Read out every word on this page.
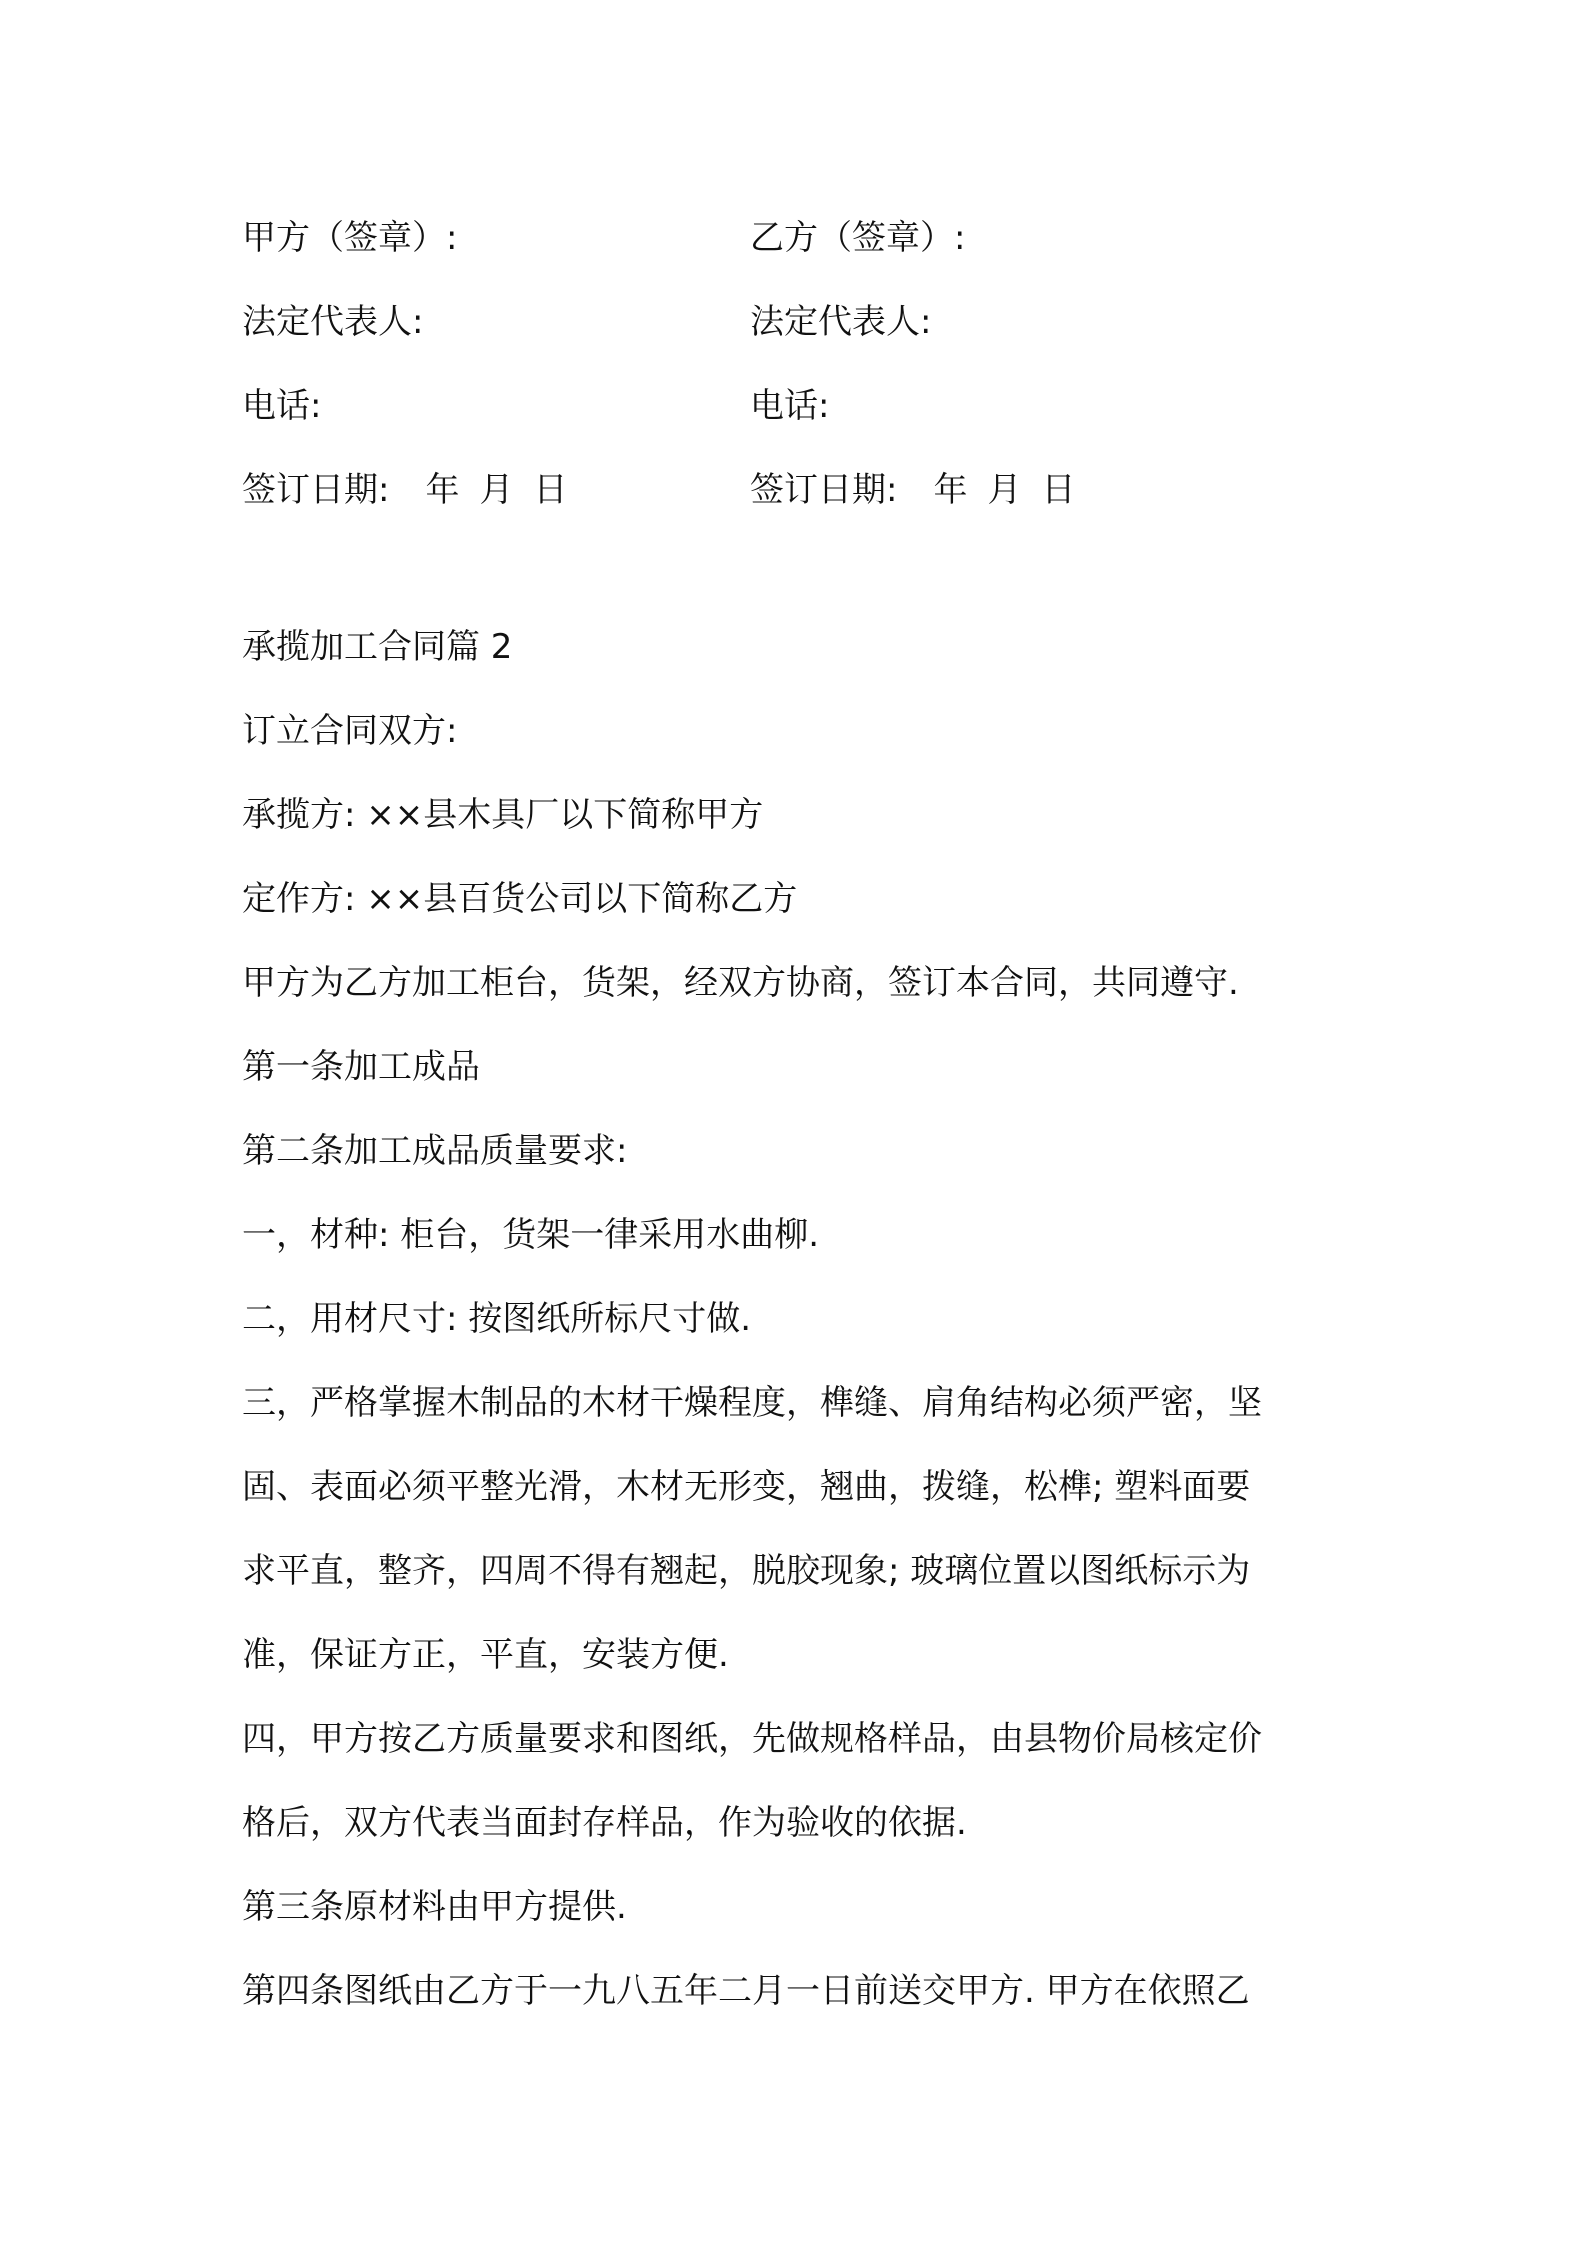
甲方（签章）:	乙方（签章）:
法定代表人:	法定代表人:
电话:	电话:
签订日期: 年 月 日	签订日期: 年 月 日

承揽加工合同篇 2

订立合同双方:

承揽方: ××县木具厂以下简称甲方

定作方: ××县百货公司以下简称乙方

甲方为乙方加工柜台，货架，经双方协商，签订本合同，共同遵守.

第一条加工成品

第二条加工成品质量要求:

一，材种: 柜台，货架一律采用水曲柳.

二，用材尺寸: 按图纸所标尺寸做.

三，严格掌握木制品的木材干燥程度，榫缝、肩角结构必须严密，坚

固、表面必须平整光滑，木材无形变，翘曲，拨缝，松榫; 塑料面要

求平直，整齐，四周不得有翘起，脱胶现象; 玻璃位置以图纸标示为

准，保证方正，平直，安装方便.

四，甲方按乙方质量要求和图纸，先做规格样品，由县物价局核定价

格后，双方代表当面封存样品，作为验收的依据.

第三条原材料由甲方提供.

第四条图纸由乙方于一九八五年二月一日前送交甲方. 甲方在依照乙
